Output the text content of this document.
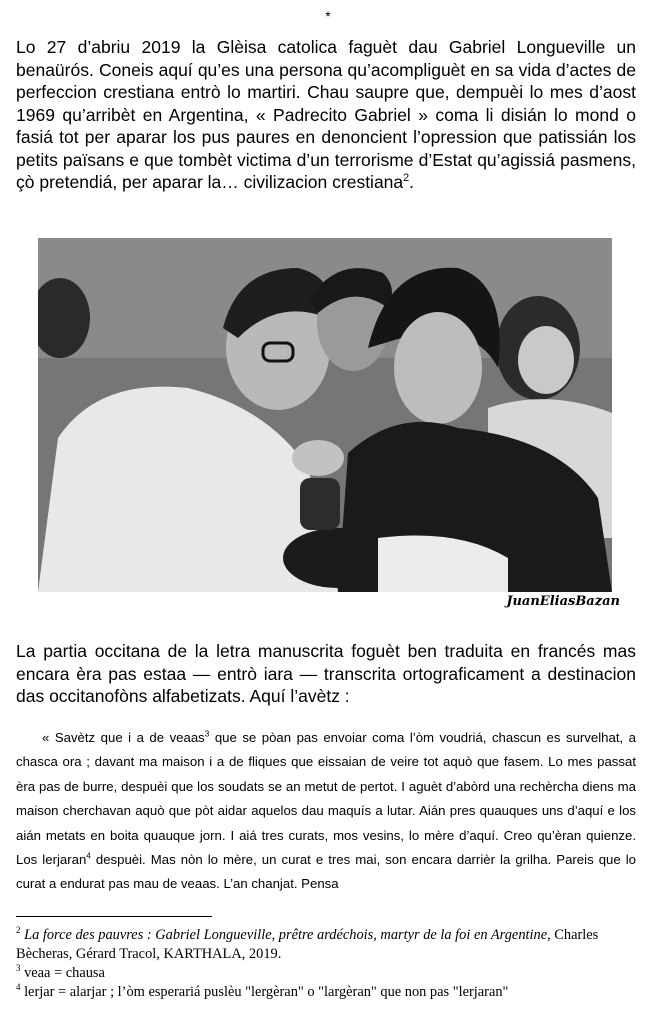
*

Lo 27 d’abriu 2019 la Glèisa catolica faguèt dau Gabriel Longueville un benaürós. Coneis aquí qu’es una persona qu’acompliguèt en sa vida d’actes de perfeccion crestiana entrò lo martiri. Chau saupre que, dempuèi lo mes d’aost 1969 qu’arribèt en Argentina, « Padrecito Gabriel » coma li disián lo mond o fasiá tot per aparar los pus paures en denoncient l’opression que patissián los petits païsans e que tombèt victima d’un terrorisme d’Estat qu’agissiá pasmens, çò pretendiá, per aparar la… civilizacion crestiana$^2$.

JuanEliasBazan

La partia occitana de la letra manuscrita foguèt ben traduita en francés mas encara èra pas estaa — entrò iara — transcrita ortograficament a destinacion das occitanofòns alfabetizats. Aquí l’avètz :

« Savètz que i a de veaas$^3$ que se pòan pas envoiar coma l’òm voudriá, chascun es survelhat, a chasca ora ; davant ma maison i a de fliques que eissaian de veire tot aquò que fasem. Lo mes passat èra pas de burre, despuèi que los soudats se an metut de pertot. I aguèt d’abòrd una rechèrcha diens ma maison cherchavan aquò que pòt aidar aquelos dau maquís a lutar. Aián pres quauques uns d’aquí e los aián metats en boita quauque jorn. I aiá tres curats, mos vesins, lo mère d’aquí. Creo qu’èran quienze. Los lerjaran$^4$ despuèi. Mas nòn lo mère, un curat e tres mai, son encara darrièr la grilha. Pareis que lo curat a endurat pas mau de veaas. L’an chanjat. Pensa

$^2$ La force des pauvres : Gabriel Longueville, prêtre ardéchois, martyr de la foi en Argentine, Charles Bècheras, Gérard Tracol, KARTHALA, 2019.

$^3$ veaa = chausa

$^4$ lerjar = alarjar ; l’òm esperariá puslèu "lergèran" o "largèran" que non pas "lerjaran"
